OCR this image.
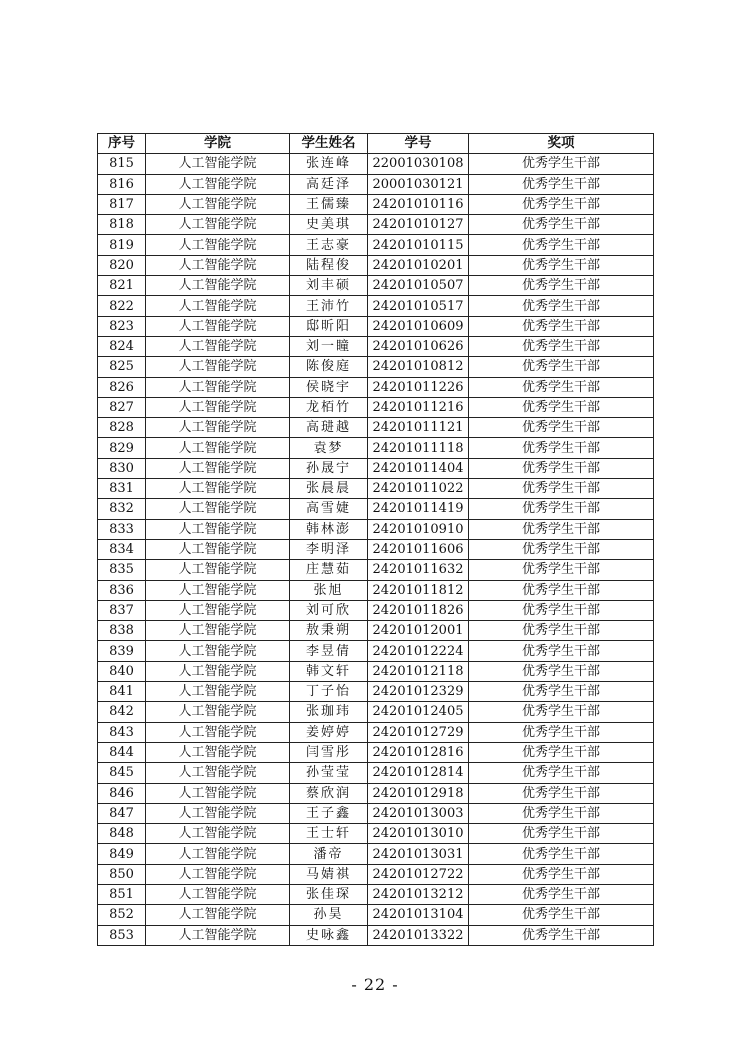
序号	学院	学生姓名	学号	奖项
815	人工智能学院	张连峰	22001030108	优秀学生干部
816	人工智能学院	高廷泽	20001030121	优秀学生干部
817	人工智能学院	王儒臻	24201010116	优秀学生干部
818	人工智能学院	史美琪	24201010127	优秀学生干部
819	人工智能学院	王志豪	24201010115	优秀学生干部
820	人工智能学院	陆程俊	24201010201	优秀学生干部
821	人工智能学院	刘丰硕	24201010507	优秀学生干部
822	人工智能学院	王沛竹	24201010517	优秀学生干部
823	人工智能学院	邸昕阳	24201010609	优秀学生干部
824	人工智能学院	刘一瞳	24201010626	优秀学生干部
825	人工智能学院	陈俊庭	24201010812	优秀学生干部
826	人工智能学院	侯晓宇	24201011226	优秀学生干部
827	人工智能学院	龙栢竹	24201011216	优秀学生干部
828	人工智能学院	高琎越	24201011121	优秀学生干部
829	人工智能学院	袁梦	24201011118	优秀学生干部
830	人工智能学院	孙晟宁	24201011404	优秀学生干部
831	人工智能学院	张晨晨	24201011022	优秀学生干部
832	人工智能学院	高雪婕	24201011419	优秀学生干部
833	人工智能学院	韩林澎	24201010910	优秀学生干部
834	人工智能学院	李明泽	24201011606	优秀学生干部
835	人工智能学院	庄慧茹	24201011632	优秀学生干部
836	人工智能学院	张旭	24201011812	优秀学生干部
837	人工智能学院	刘可欣	24201011826	优秀学生干部
838	人工智能学院	敖秉朔	24201012001	优秀学生干部
839	人工智能学院	李昱倩	24201012224	优秀学生干部
840	人工智能学院	韩文轩	24201012118	优秀学生干部
841	人工智能学院	丁子怡	24201012329	优秀学生干部
842	人工智能学院	张珈玮	24201012405	优秀学生干部
843	人工智能学院	姜婷婷	24201012729	优秀学生干部
844	人工智能学院	闫雪彤	24201012816	优秀学生干部
845	人工智能学院	孙莹莹	24201012814	优秀学生干部
846	人工智能学院	蔡欣润	24201012918	优秀学生干部
847	人工智能学院	王子鑫	24201013003	优秀学生干部
848	人工智能学院	王士轩	24201013010	优秀学生干部
849	人工智能学院	潘帝	24201013031	优秀学生干部
850	人工智能学院	马婧祺	24201012722	优秀学生干部
851	人工智能学院	张佳琛	24201013212	优秀学生干部
852	人工智能学院	孙昊	24201013104	优秀学生干部
853	人工智能学院	史咏鑫	24201013322	优秀学生干部
- 22 -
